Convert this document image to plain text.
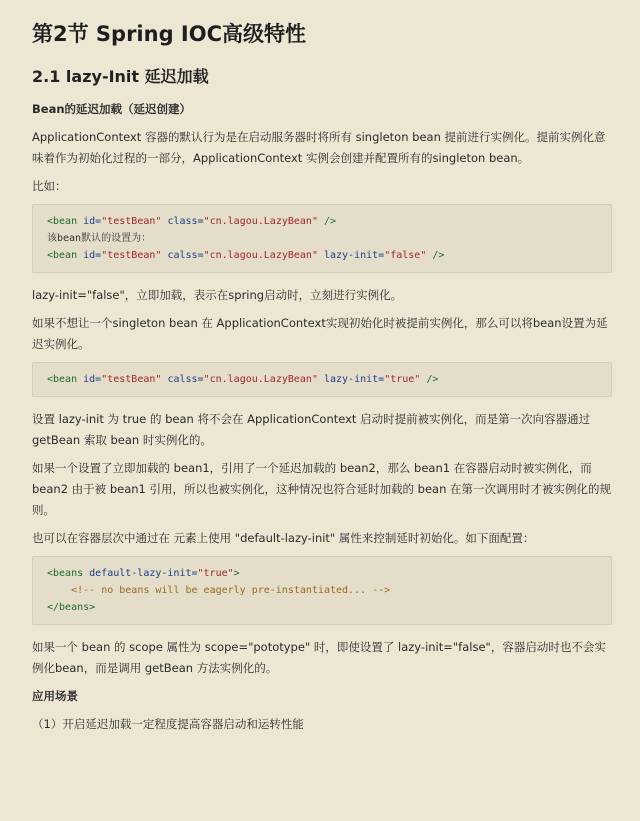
第2节 Spring IOC高级特性
2.1 lazy-Init 延迟加载
Bean的延迟加载（延迟创建）
ApplicationContext 容器的默认行为是在启动服务器时将所有 singleton bean 提前进行实例化。提前实例化意味着作为初始化过程的一部分，ApplicationContext 实例会创建并配置所有的singleton bean。
比如：
<bean id="testBean" class="cn.lagou.LazyBean" />
该bean默认的设置为：
<bean id="testBean" calss="cn.lagou.LazyBean" lazy-init="false" />
lazy-init="false"，立即加载，表示在spring启动时，立刻进行实例化。
如果不想让一个singleton bean 在 ApplicationContext实现初始化时被提前实例化，那么可以将bean设置为延迟实例化。
<bean id="testBean" calss="cn.lagou.LazyBean" lazy-init="true" />
设置 lazy-init 为 true 的 bean 将不会在 ApplicationContext 启动时提前被实例化，而是第一次向容器通过 getBean 索取 bean 时实例化的。
如果一个设置了立即加载的 bean1，引用了一个延迟加载的 bean2，那么 bean1 在容器启动时被实例化，而 bean2 由于被 bean1 引用，所以也被实例化，这种情况也符合延时加载的 bean 在第一次调用时才被实例化的规则。
也可以在容器层次中通过在 元素上使用 "default-lazy-init" 属性来控制延时初始化。如下面配置：
<beans default-lazy-init="true">
<!-- no beans will be eagerly pre-instantiated... -->
</beans>
如果一个 bean 的 scope 属性为 scope="pototype" 时，即使设置了 lazy-init="false"，容器启动时也不会实例化bean，而是调用 getBean 方法实例化的。
应用场景
（1）开启延迟加载一定程度提高容器启动和运转性能
